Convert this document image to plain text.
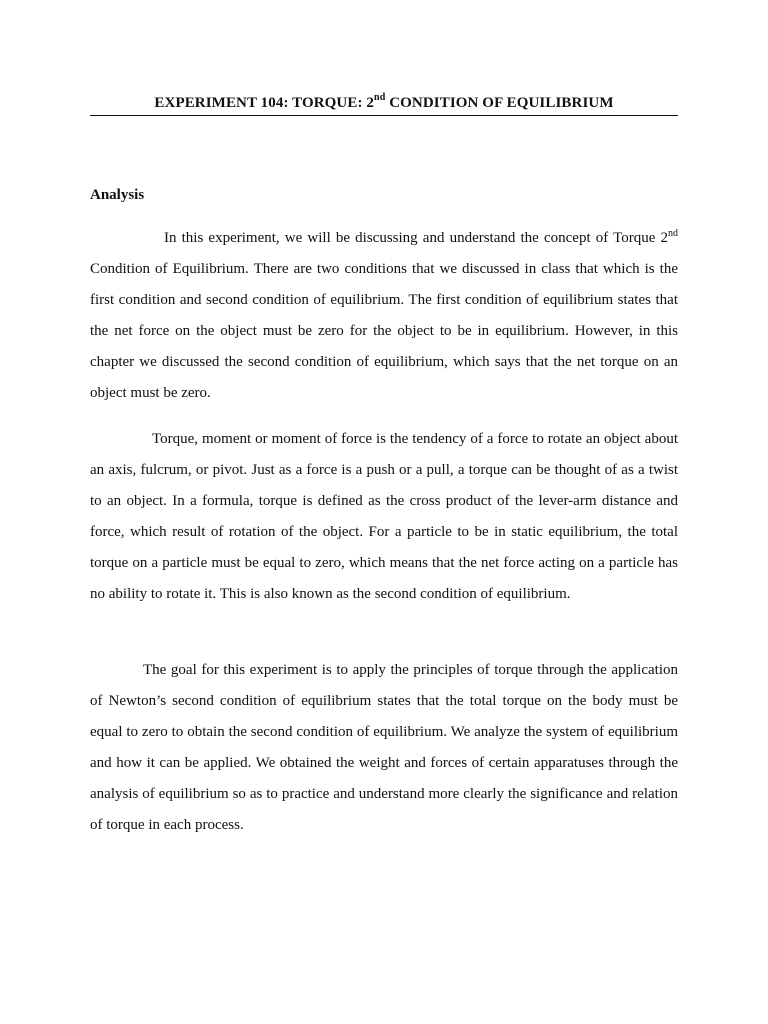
EXPERIMENT 104: TORQUE: 2nd CONDITION OF EQUILIBRIUM
Analysis

In this experiment, we will be discussing and understand the concept of Torque 2nd Condition of Equilibrium. There are two conditions that we discussed in class that which is the first condition and second condition of equilibrium. The first condition of equilibrium states that the net force on the object must be zero for the object to be in equilibrium. However, in this chapter we discussed the second condition of equilibrium, which says that the net torque on an object must be zero.

Torque, moment or moment of force is the tendency of a force to rotate an object about an axis, fulcrum, or pivot. Just as a force is a push or a pull, a torque can be thought of as a twist to an object. In a formula, torque is defined as the cross product of the lever-arm distance and force, which result of rotation of the object. For a particle to be in static equilibrium, the total torque on a particle must be equal to zero, which means that the net force acting on a particle has no ability to rotate it. This is also known as the second condition of equilibrium.

The goal for this experiment is to apply the principles of torque through the application of Newton’s second condition of equilibrium states that the total torque on the body must be equal to zero to obtain the second condition of equilibrium. We analyze the system of equilibrium and how it can be applied. We obtained the weight and forces of certain apparatuses through the analysis of equilibrium so as to practice and understand more clearly the significance and relation of torque in each process.
